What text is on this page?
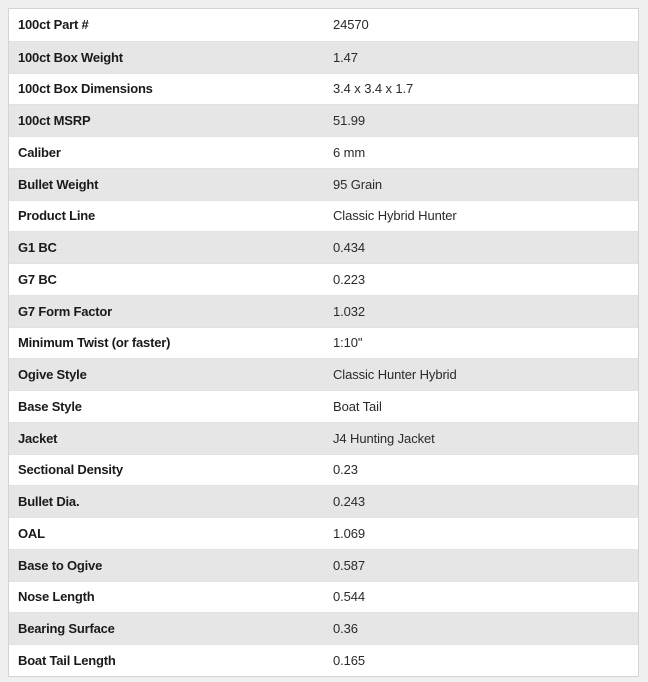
100ct Part #	24570
100ct Box Weight	1.47
100ct Box Dimensions	3.4 x 3.4 x 1.7
100ct MSRP	51.99
Caliber	6 mm
Bullet Weight	95 Grain
Product Line	Classic Hybrid Hunter
G1 BC	0.434
G7 BC	0.223
G7 Form Factor	1.032
Minimum Twist (or faster)	1:10"
Ogive Style	Classic Hunter Hybrid
Base Style	Boat Tail
Jacket	J4 Hunting Jacket
Sectional Density	0.23
Bullet Dia.	0.243
OAL	1.069
Base to Ogive	0.587
Nose Length	0.544
Bearing Surface	0.36
Boat Tail Length	0.165
